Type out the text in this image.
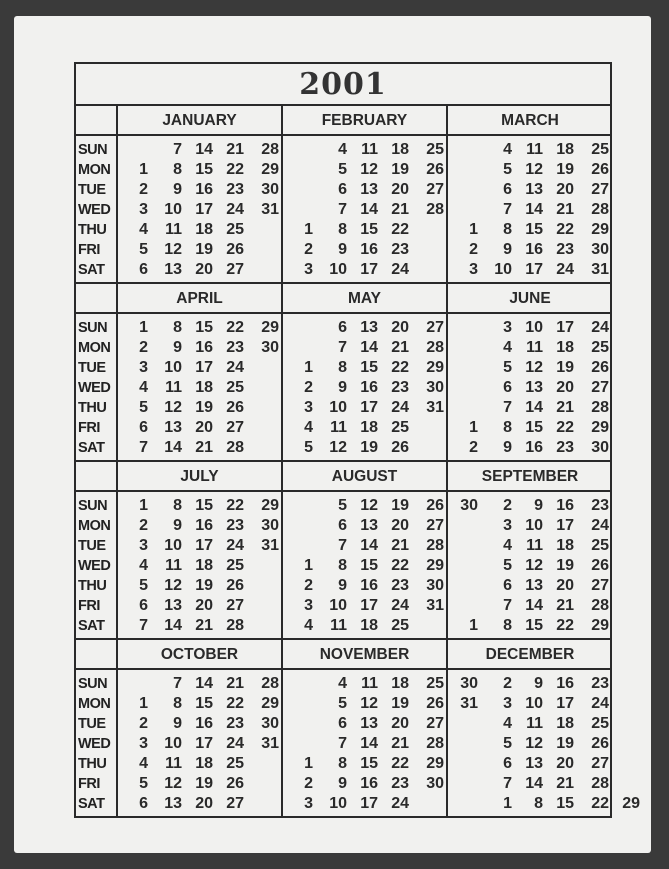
2001
SUN
MON
TUE
WED
THU
FRI
SAT
JANUARY
1
2
3
4
5
6
7
8
9
10
11
12
13
14
15
16
17
18
19
20
21
22
23
24
25
26
27
28
29
30
31
FEBRUARY
1
2
3
4
5
6
7
8
9
10
11
12
13
14
15
16
17
18
19
20
21
22
23
24
25
26
27
28
MARCH
1
2
3
4
5
6
7
8
9
10
11
12
13
14
15
16
17
18
19
20
21
22
23
24
25
26
27
28
29
30
31
SUN
MON
TUE
WED
THU
FRI
SAT
APRIL
1
2
3
4
5
6
7
8
9
10
11
12
13
14
15
16
17
18
19
20
21
22
23
24
25
26
27
28
29
30
MAY
1
2
3
4
5
6
7
8
9
10
11
12
13
14
15
16
17
18
19
20
21
22
23
24
25
26
27
28
29
30
31
JUNE
1
2
3
4
5
6
7
8
9
10
11
12
13
14
15
16
17
18
19
20
21
22
23
24
25
26
27
28
29
30
SUN
MON
TUE
WED
THU
FRI
SAT
JULY
1
2
3
4
5
6
7
8
9
10
11
12
13
14
15
16
17
18
19
20
21
22
23
24
25
26
27
28
29
30
31
AUGUST
1
2
3
4
5
6
7
8
9
10
11
12
13
14
15
16
17
18
19
20
21
22
23
24
25
26
27
28
29
30
31
SEPTEMBER
30
1
2
3
4
5
6
7
8
9
10
11
12
13
14
15
16
17
18
19
20
21
22
23
24
25
26
27
28
29
SUN
MON
TUE
WED
THU
FRI
SAT
OCTOBER
1
2
3
4
5
6
7
8
9
10
11
12
13
14
15
16
17
18
19
20
21
22
23
24
25
26
27
28
29
30
31
NOVEMBER
1
2
3
4
5
6
7
8
9
10
11
12
13
14
15
16
17
18
19
20
21
22
23
24
25
26
27
28
29
30
DECEMBER
30
31
2
3
4
5
6
7
1
9
10
11
12
13
14
8
16
17
18
19
20
21
15
23
24
25
26
27
28
22 29
